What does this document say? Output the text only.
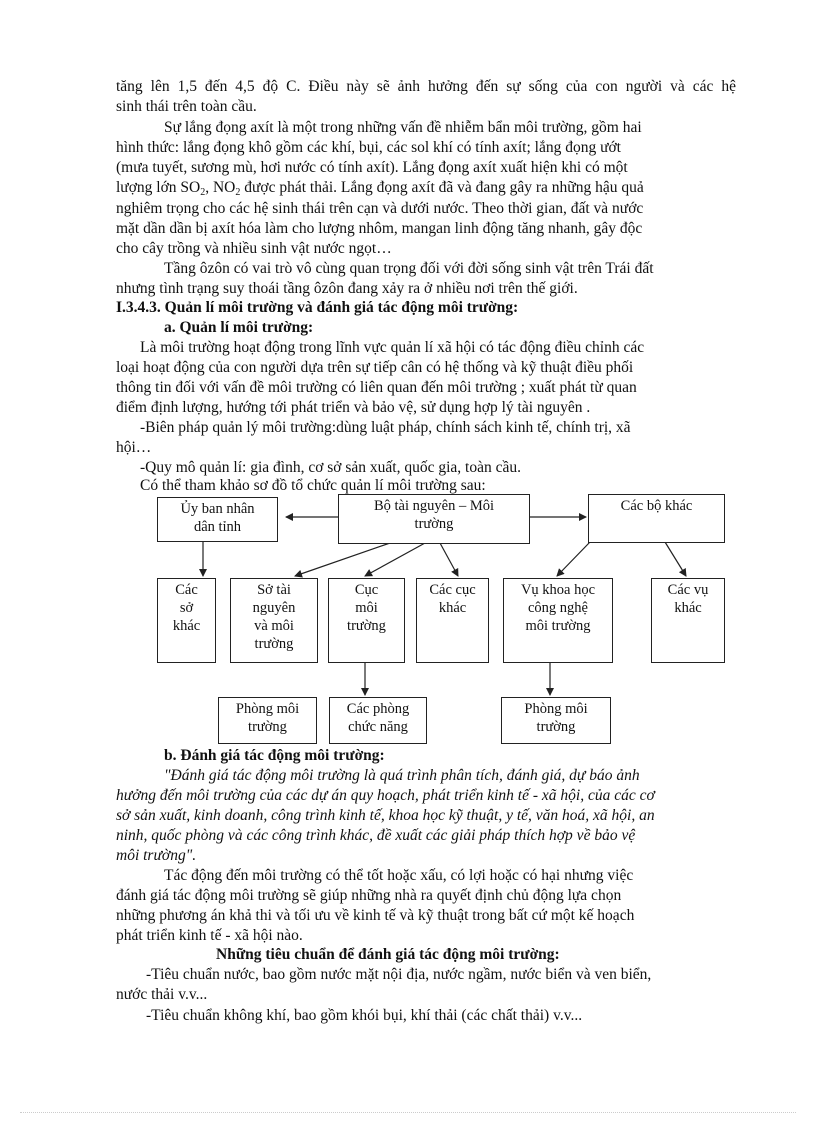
tăng lên 1,5 đến 4,5 độ C. Điều này sẽ ảnh hưởng đến sự sống của con người và các hệ
sinh thái trên toàn cầu.
Sự lắng đọng axít là một trong những vấn đề nhiễm bẩn môi trường, gồm hai
hình thức: lắng đọng khô gồm các khí, bụi, các sol khí có tính axít; lắng đọng ướt
(mưa tuyết, sương mù, hơi nước có tính axít). Lắng đọng axít xuất hiện khi có một
lượng lớn $SO_2$, $NO_2$ được phát thải. Lắng đọng axít đã và đang gây ra những hậu quả
nghiêm trọng cho các hệ sinh thái trên cạn và dưới nước. Theo thời gian, đất và nước
mặt dần dần bị axít hóa làm cho lượng nhôm, mangan linh động tăng nhanh, gây độc
cho cây trồng và nhiều sinh vật nước ngọt…
Tầng ôzôn có vai trò vô cùng quan trọng đối với đời sống sinh vật trên Trái đất
nhưng tình trạng suy thoái tầng ôzôn đang xảy ra ở nhiều nơi trên thế giới.
I.3.4.3. Quản lí môi trường và đánh giá tác động môi trường:
a. Quản lí môi trường:
Là môi trường hoạt động trong lĩnh vực quản lí xã hội có tác động điều chỉnh các
loại hoạt động của con người dựa trên sự tiếp cân có hệ thống và kỹ thuật điều phối
thông tin đối với vấn đề môi trường có liên quan đến môi trường ; xuất phát từ quan
điểm định lượng, hướng tới phát triển và bảo vệ, sử dụng hợp lý tài nguyên .
-Biên pháp quản lý môi trường:dùng luật pháp, chính sách kinh tế, chính trị, xã
hội…
-Quy mô quản lí: gia đình, cơ sở sản xuất, quốc gia, toàn cầu.
Có thể tham khảo sơ đồ tổ chức quản lí môi trường sau:
Ủy ban nhân
dân tỉnh
Bộ tài nguyên – Môi
trường
Các bộ khác
Các
sở
khác
Sở tài
nguyên
và môi
trường
Cục
môi
trường
Các cục
khác
Vụ khoa học
công nghệ
môi trường
Các vụ
khác
Phòng môi
trường
Các phòng
chức năng
Phòng môi
trường
b. Đánh giá tác động môi trường:
"Đánh giá tác động môi trường là quá trình phân tích, đánh giá, dự báo ảnh
hưởng đến môi trường của các dự án quy hoạch, phát triển kinh tế - xã hội, của các cơ
sở sản xuất, kinh doanh, công trình kinh tế, khoa học kỹ thuật, y tế, văn hoá, xã hội, an
ninh, quốc phòng và các công trình khác, đề xuất các giải pháp thích hợp về bảo vệ
môi trường".
Tác động đến môi trường có thể tốt hoặc xấu, có lợi hoặc có hại nhưng việc
đánh giá tác động môi trường sẽ giúp những nhà ra quyết định chủ động lựa chọn
những phương án khả thi và tối ưu về kinh tế và kỹ thuật trong bất cứ một kế hoạch
phát triển kinh tế - xã hội nào.
Những tiêu chuẩn để đánh giá tác động môi trường:
-Tiêu chuẩn nước, bao gồm nước mặt nội địa, nước ngầm, nước biển và ven biển,
nước thải v.v...
-Tiêu chuẩn không khí, bao gồm khói bụi, khí thải (các chất thải) v.v...
